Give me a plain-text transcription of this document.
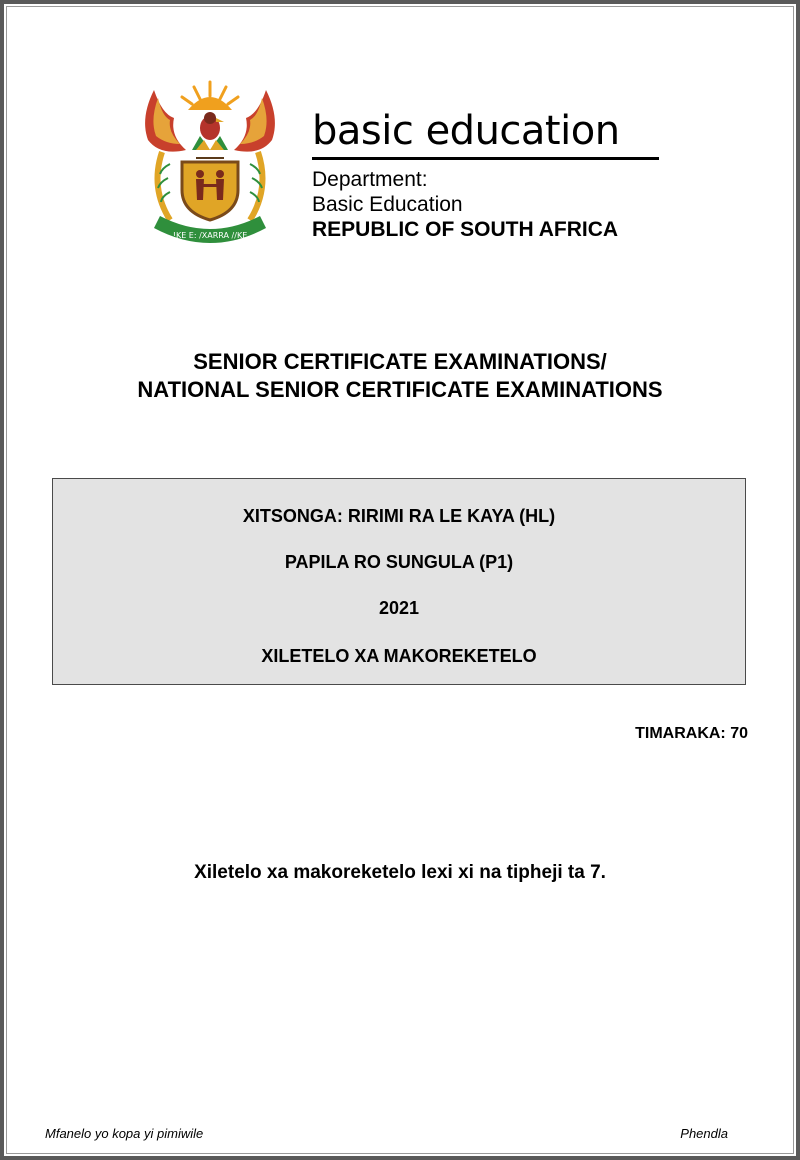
!KE E: /XARRA //KE
basic education
Department:
Basic Education
REPUBLIC OF SOUTH AFRICA
SENIOR CERTIFICATE EXAMINATIONS/
NATIONAL SENIOR CERTIFICATE EXAMINATIONS
XITSONGA: RIRIMI RA LE KAYA (HL)
PAPILA RO SUNGULA (P1)
2021
XILETELO XA MAKOREKETELO
TIMARAKA: 70
Xiletelo xa makoreketelo lexi xi na tipheji ta 7.
Mfanelo yo kopa yi pimiwile	Phendla
